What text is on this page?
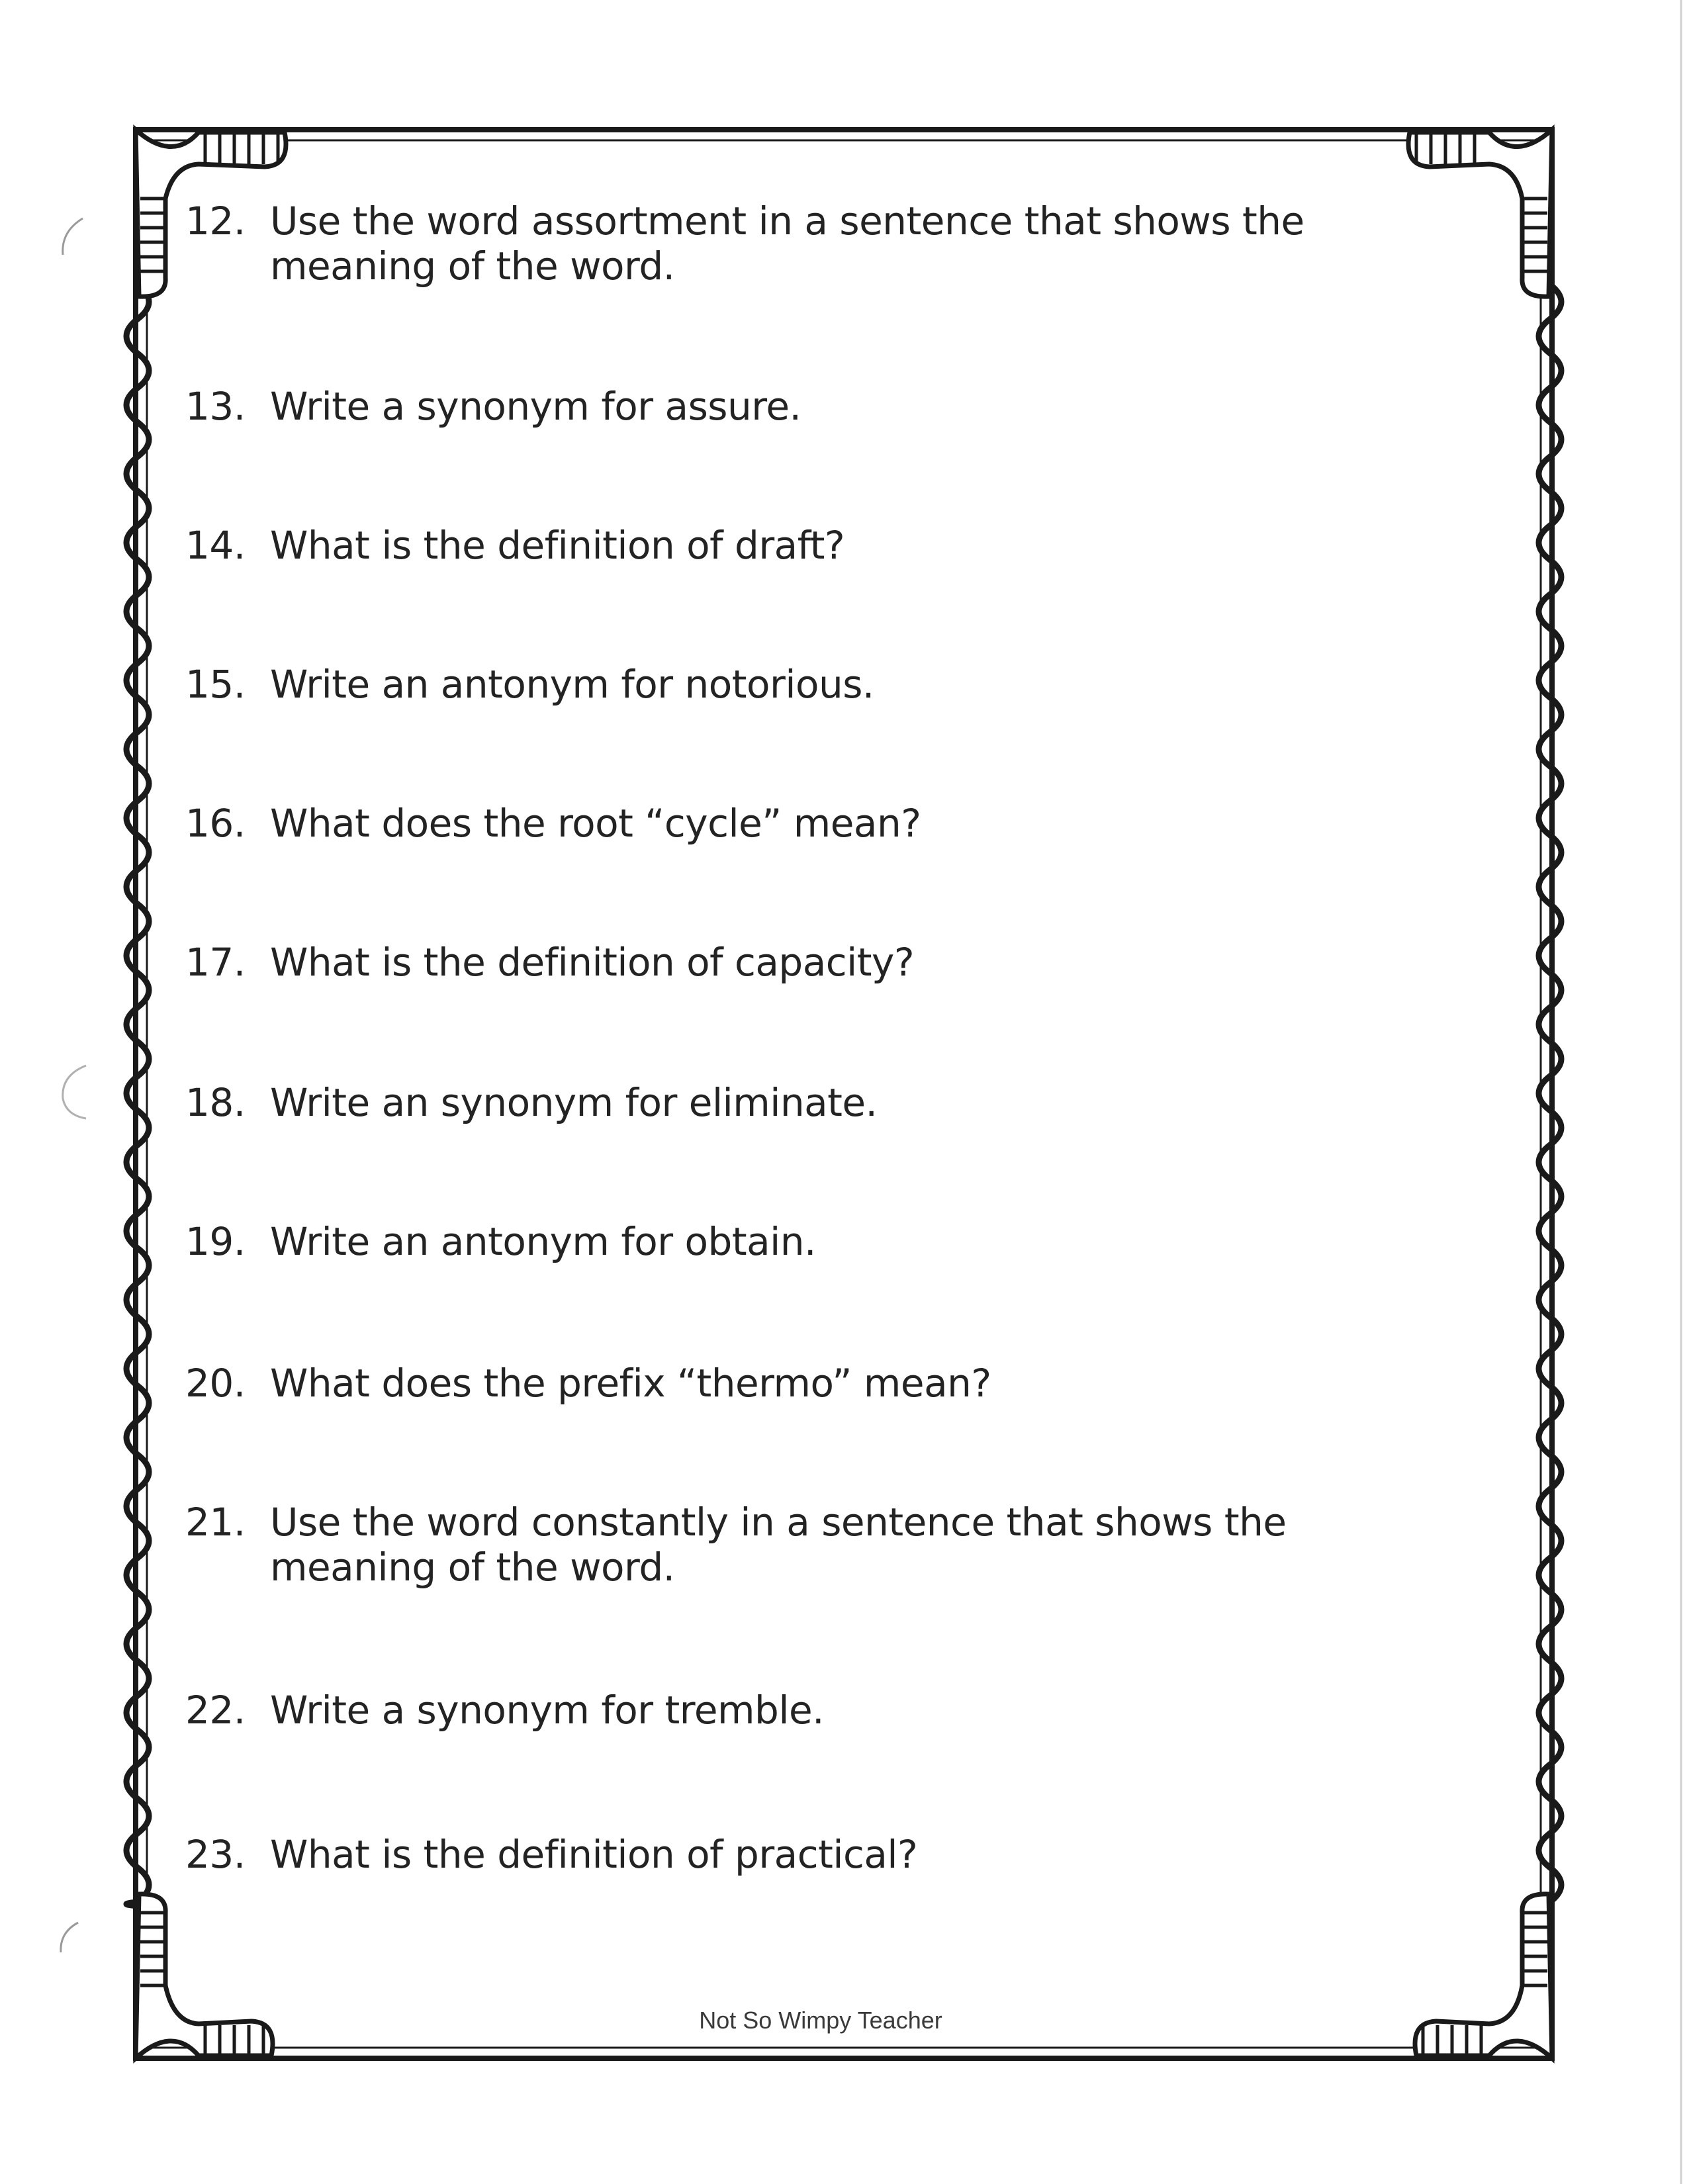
12. Use the word assortment in a sentence that shows the meaning of the word.
13. Write a synonym for assure.
14. What is the definition of draft?
15. Write an antonym for notorious.
16. What does the root “cycle” mean?
17. What is the definition of capacity?
18. Write an synonym for eliminate.
19. Write an antonym for obtain.
20. What does the prefix “thermo” mean?
21. Use the word constantly in a sentence that shows the meaning of the word.
22. Write a synonym for tremble.
23. What is the definition of practical?
Not So Wimpy Teacher
